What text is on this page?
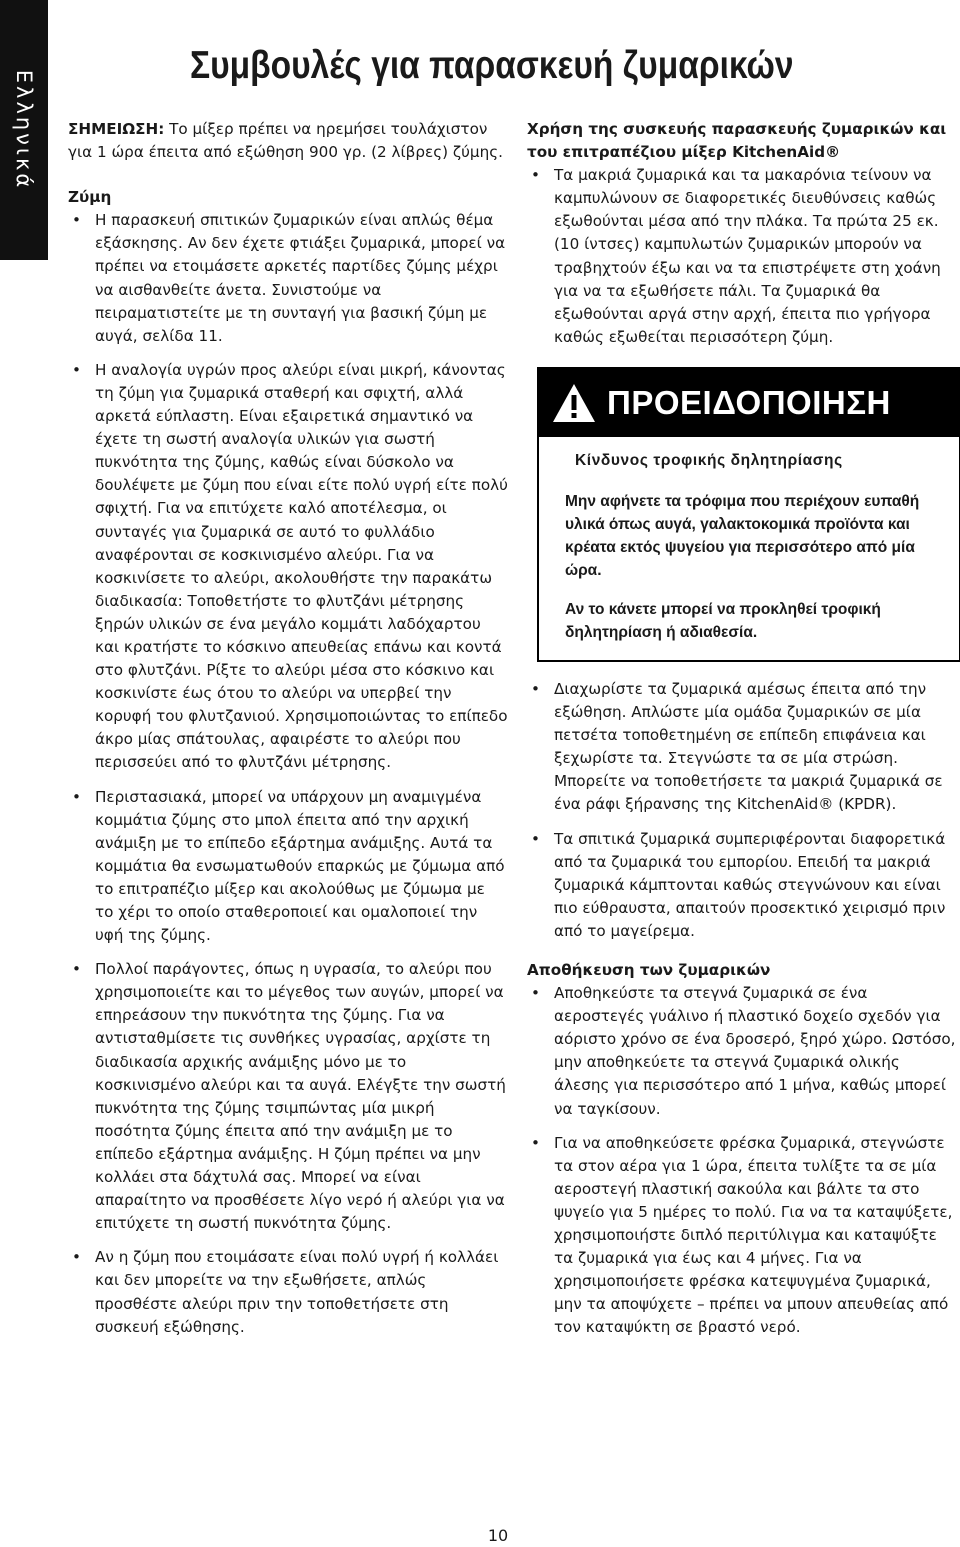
Ελληνικά
Συμβουλές για παρασκευή ζυμαρικών

ΣΗΜΕΙΩΣΗ: Το μίξερ πρέπει να ηρεμήσει τουλάχιστον για 1 ώρα έπειτα από εξώθηση 900 γρ. (2 λίβρες) ζύμης.

Ζύμη

• Η παρασκευή σπιτικών ζυμαρικών είναι απλώς θέμα εξάσκησης. Αν δεν έχετε φτιάξει ζυμαρικά, μπορεί να πρέπει να ετοιμάσετε αρκετές παρτίδες ζύμης μέχρι να αισθανθείτε άνετα. Συνιστούμε να πειραματιστείτε με τη συνταγή για βασική ζύμη με αυγά, σελίδα 11.
• Η αναλογία υγρών προς αλεύρι είναι μικρή, κάνοντας τη ζύμη για ζυμαρικά σταθερή και σφιχτή, αλλά αρκετά εύπλαστη. Είναι εξαιρετικά σημαντικό να έχετε τη σωστή αναλογία υλικών για σωστή πυκνότητα της ζύμης, καθώς είναι δύσκολο να δουλέψετε με ζύμη που είναι είτε πολύ υγρή είτε πολύ σφιχτή. Για να επιτύχετε καλό αποτέλεσμα, οι συνταγές για ζυμαρικά σε αυτό το φυλλάδιο αναφέρονται σε κοσκινισμένο αλεύρι. Για να κοσκινίσετε το αλεύρι, ακολουθήστε την παρακάτω διαδικασία: Τοποθετήστε το φλυτζάνι μέτρησης ξηρών υλικών σε ένα μεγάλο κομμάτι λαδόχαρτου και κρατήστε το κόσκινο απευθείας επάνω και κοντά στο φλυτζάνι. Ρίξτε το αλεύρι μέσα στο κόσκινο και κοσκινίστε έως ότου το αλεύρι να υπερβεί την κορυφή του φλυτζανιού. Χρησιμοποιώντας το επίπεδο άκρο μίας σπάτουλας, αφαιρέστε το αλεύρι που περισσεύει από το φλυτζάνι μέτρησης.
• Περιστασιακά, μπορεί να υπάρχουν μη αναμιγμένα κομμάτια ζύμης στο μπολ έπειτα από την αρχική ανάμιξη με το επίπεδο εξάρτημα ανάμιξης. Αυτά τα κομμάτια θα ενσωματωθούν επαρκώς με ζύμωμα από το επιτραπέζιο μίξερ και ακολούθως με ζύμωμα με το χέρι το οποίο σταθεροποιεί και ομαλοποιεί την υφή της ζύμης.
• Πολλοί παράγοντες, όπως η υγρασία, το αλεύρι που χρησιμοποιείτε και το μέγεθος των αυγών, μπορεί να επηρεάσουν την πυκνότητα της ζύμης. Για να αντισταθμίσετε τις συνθήκες υγρασίας, αρχίστε τη διαδικασία αρχικής ανάμιξης μόνο με το κοσκινισμένο αλεύρι και τα αυγά. Ελέγξτε την σωστή πυκνότητα της ζύμης τσιμπώντας μία μικρή ποσότητα ζύμης έπειτα από την ανάμιξη με το επίπεδο εξάρτημα ανάμιξης. Η ζύμη πρέπει να μην κολλάει στα δάχτυλά σας. Μπορεί να είναι απαραίτητο να προσθέσετε λίγο νερό ή αλεύρι για να επιτύχετε τη σωστή πυκνότητα ζύμης.
• Αν η ζύμη που ετοιμάσατε είναι πολύ υγρή ή κολλάει και δεν μπορείτε να την εξωθήσετε, απλώς προσθέστε αλεύρι πριν την τοποθετήσετε στη συσκευή εξώθησης.

Χρήση της συσκευής παρασκευής ζυμαρικών και του επιτραπέζιου μίξερ KitchenAid®

• Τα μακριά ζυμαρικά και τα μακαρόνια τείνουν να καμπυλώνουν σε διαφορετικές διευθύνσεις καθώς εξωθούνται μέσα από την πλάκα. Τα πρώτα 25 εκ. (10 ίντσες) καμπυλωτών ζυμαρικών μπορούν να τραβηχτούν έξω και να τα επιστρέψετε στη χοάνη για να τα εξωθήσετε πάλι. Τα ζυμαρικά θα εξωθούνται αργά στην αρχή, έπειτα πιο γρήγορα καθώς εξωθείται περισσότερη ζύμη.
ΠΡΟΕΙΔΟΠΟΙΗΣΗ
Κίνδυνος τροφικής δηλητηρίασης

Μην αφήνετε τα τρόφιμα που περιέχουν ευπαθή υλικά όπως αυγά, γαλακτοκομικά προϊόντα και κρέατα εκτός ψυγείου για περισσότερο από μία ώρα.

Αν το κάνετε μπορεί να προκληθεί τροφική δηλητηρίαση ή αδιαθεσία.

• Διαχωρίστε τα ζυμαρικά αμέσως έπειτα από την εξώθηση. Απλώστε μία ομάδα ζυμαρικών σε μία πετσέτα τοποθετημένη σε επίπεδη επιφάνεια και ξεχωρίστε τα. Στεγνώστε τα σε μία στρώση. Μπορείτε να τοποθετήσετε τα μακριά ζυμαρικά σε ένα ράφι ξήρανσης της KitchenAid® (KPDR).
• Τα σπιτικά ζυμαρικά συμπεριφέρονται διαφορετικά από τα ζυμαρικά του εμπορίου. Επειδή τα μακριά ζυμαρικά κάμπτονται καθώς στεγνώνουν και είναι πιο εύθραυστα, απαιτούν προσεκτικό χειρισμό πριν από το μαγείρεμα.

Αποθήκευση των ζυμαρικών

• Αποθηκεύστε τα στεγνά ζυμαρικά σε ένα αεροστεγές γυάλινο ή πλαστικό δοχείο σχεδόν για αόριστο χρόνο σε ένα δροσερό, ξηρό χώρο. Ωστόσο, μην αποθηκεύετε τα στεγνά ζυμαρικά ολικής άλεσης για περισσότερο από 1 μήνα, καθώς μπορεί να ταγκίσουν.
• Για να αποθηκεύσετε φρέσκα ζυμαρικά, στεγνώστε τα στον αέρα για 1 ώρα, έπειτα τυλίξτε τα σε μία αεροστεγή πλαστική σακούλα και βάλτε τα στο ψυγείο για 5 ημέρες το πολύ. Για να τα καταψύξετε, χρησιμοποιήστε διπλό περιτύλιγμα και καταψύξτε τα ζυμαρικά για έως και 4 μήνες. Για να χρησιμοποιήσετε φρέσκα κατεψυγμένα ζυμαρικά, μην τα αποψύχετε – πρέπει να μπουν απευθείας από τον καταψύκτη σε βραστό νερό.
10
